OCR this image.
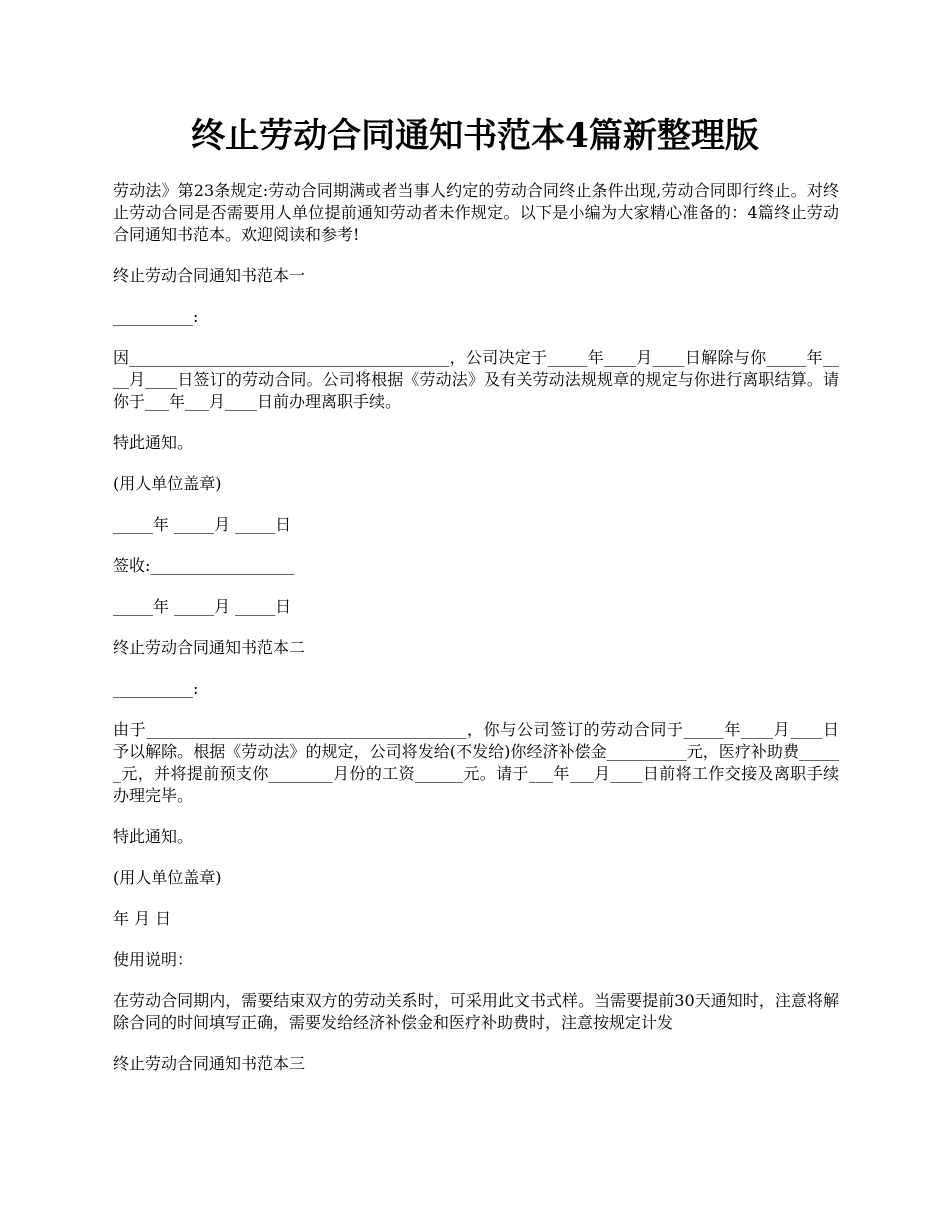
终止劳动合同通知书范本4篇新整理版

劳动法》第23条规定:劳动合同期满或者当事人约定的劳动合同终止条件出现,劳动合同即行终止。对终止劳动合同是否需要用人单位提前通知劳动者未作规定。以下是小编为大家精心准备的：4篇终止劳动合同通知书范本。欢迎阅读和参考!

终止劳动合同通知书范本一

__________:

因________________________________________，公司决定于_____年____月____日解除与你_____年____月____日签订的劳动合同。公司将根据《劳动法》及有关劳动法规规章的规定与你进行离职结算。请你于___年___月____日前办理离职手续。

特此通知。

(用人单位盖章)

_____年 _____月 _____日

签收:__________________

_____年 _____月 _____日

终止劳动合同通知书范本二

__________:

由于________________________________________，你与公司签订的劳动合同于_____年____月____日予以解除。根据《劳动法》的规定，公司将发给(不发给)你经济补偿金__________元，医疗补助费______元，并将提前预支你________月份的工资______元。请于___年___月____日前将工作交接及离职手续办理完毕。

特此通知。

(用人单位盖章)

年 月 日

使用说明：

在劳动合同期内，需要结束双方的劳动关系时，可采用此文书式样。当需要提前30天通知时，注意将解除合同的时间填写正确，需要发给经济补偿金和医疗补助费时，注意按规定计发

终止劳动合同通知书范本三
